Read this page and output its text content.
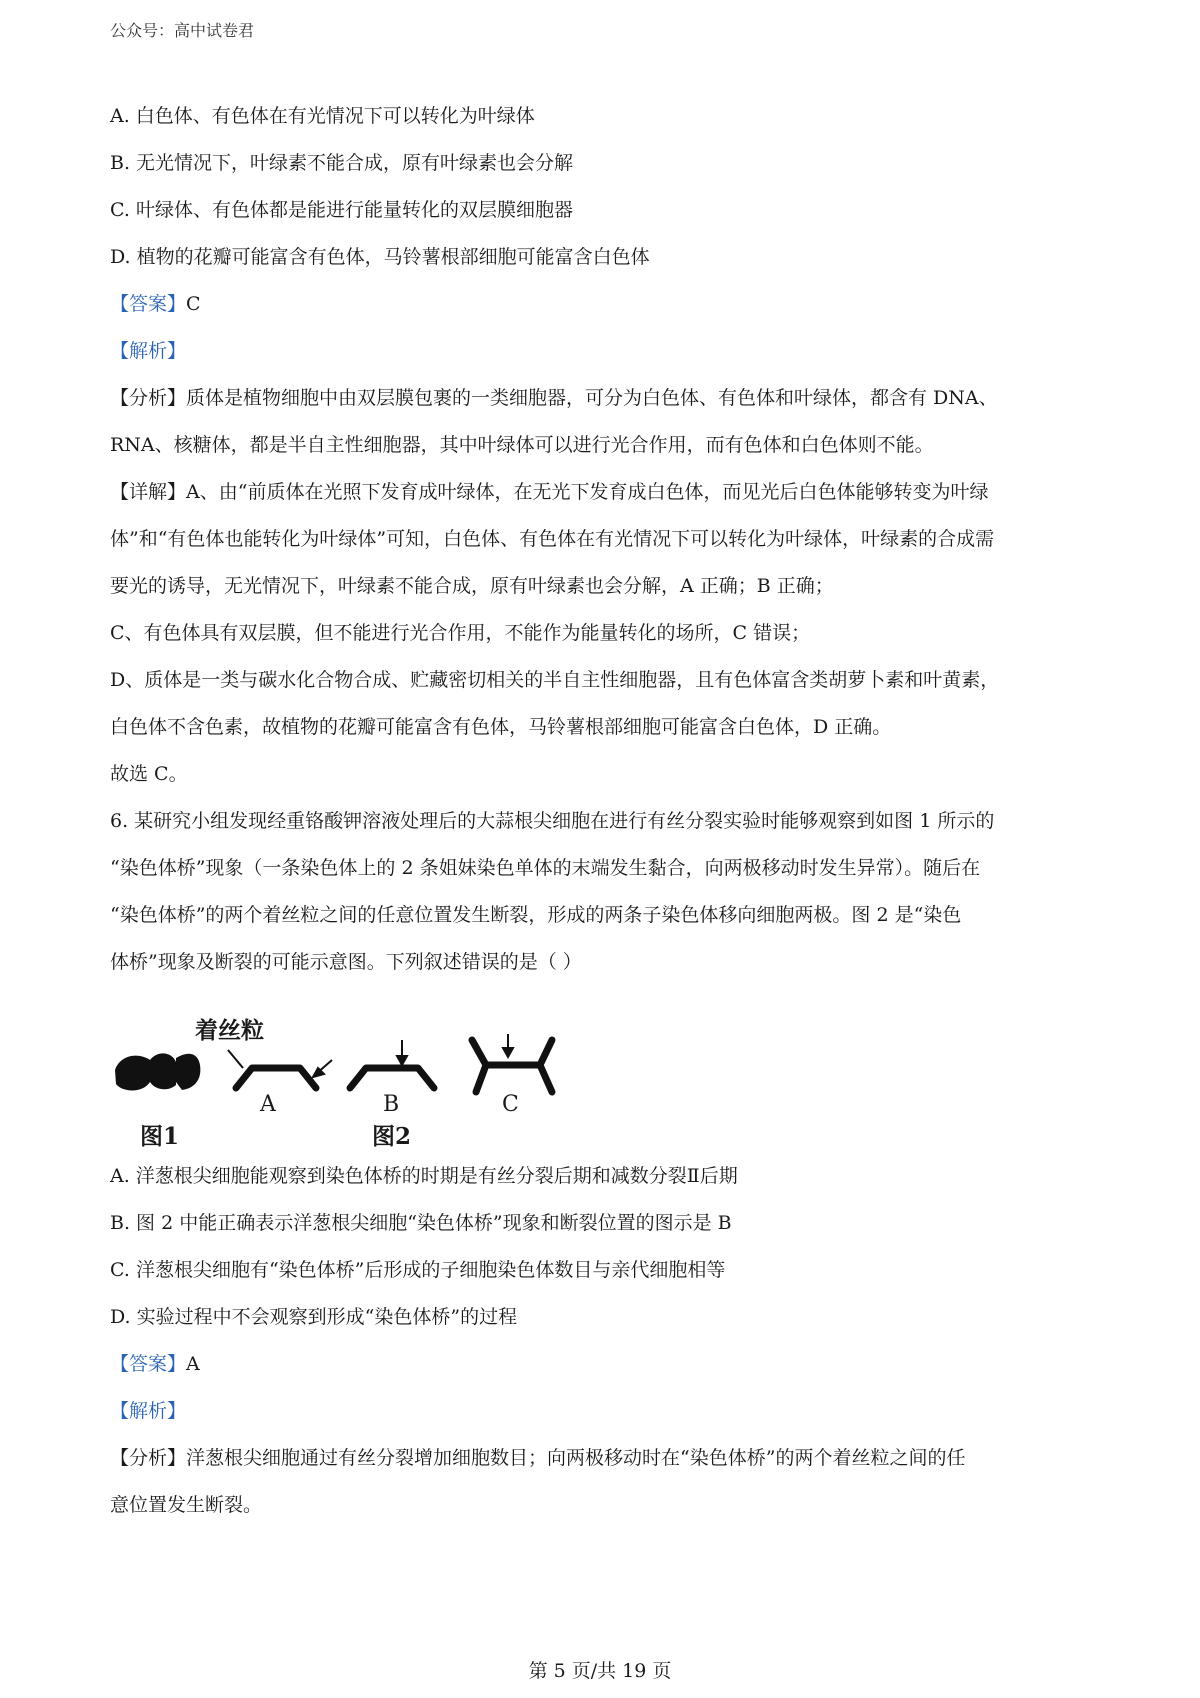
公众号：高中试卷君
A. 白色体、有色体在有光情况下可以转化为叶绿体
B. 无光情况下，叶绿素不能合成，原有叶绿素也会分解
C. 叶绿体、有色体都是能进行能量转化的双层膜细胞器
D. 植物的花瓣可能富含有色体，马铃薯根部细胞可能富含白色体
【答案】C
【解析】
【分析】质体是植物细胞中由双层膜包裹的一类细胞器，可分为白色体、有色体和叶绿体，都含有 DNA、
RNA、核糖体，都是半自主性细胞器，其中叶绿体可以进行光合作用，而有色体和白色体则不能。
【详解】A、由“前质体在光照下发育成叶绿体，在无光下发育成白色体，而见光后白色体能够转变为叶绿
体”和“有色体也能转化为叶绿体”可知，白色体、有色体在有光情况下可以转化为叶绿体，叶绿素的合成需
要光的诱导，无光情况下，叶绿素不能合成，原有叶绿素也会分解，A 正确；B 正确；
C、有色体具有双层膜，但不能进行光合作用，不能作为能量转化的场所，C 错误；
D、质体是一类与碳水化合物合成、贮藏密切相关的半自主性细胞器，且有色体富含类胡萝卜素和叶黄素，
白色体不含色素，故植物的花瓣可能富含有色体，马铃薯根部细胞可能富含白色体，D 正确。
故选 C。
6. 某研究小组发现经重铬酸钾溶液处理后的大蒜根尖细胞在进行有丝分裂实验时能够观察到如图 1 所示的
“染色体桥”现象（一条染色体上的 2 条姐妹染色单体的末端发生黏合，向两极移动时发生异常）。随后在
“染色体桥”的两个着丝粒之间的任意位置发生断裂，形成的两条子染色体移向细胞两极。图 2 是“染色
体桥”现象及断裂的可能示意图。下列叙述错误的是（ ）
着丝粒
A	B	C
图1	图2
A. 洋葱根尖细胞能观察到染色体桥的时期是有丝分裂后期和减数分裂Ⅱ后期
B. 图 2 中能正确表示洋葱根尖细胞“染色体桥”现象和断裂位置的图示是 B
C. 洋葱根尖细胞有“染色体桥”后形成的子细胞染色体数目与亲代细胞相等
D. 实验过程中不会观察到形成“染色体桥”的过程
【答案】A
【解析】
【分析】洋葱根尖细胞通过有丝分裂增加细胞数目；向两极移动时在“染色体桥”的两个着丝粒之间的任
意位置发生断裂。
第 5 页/共 19 页
